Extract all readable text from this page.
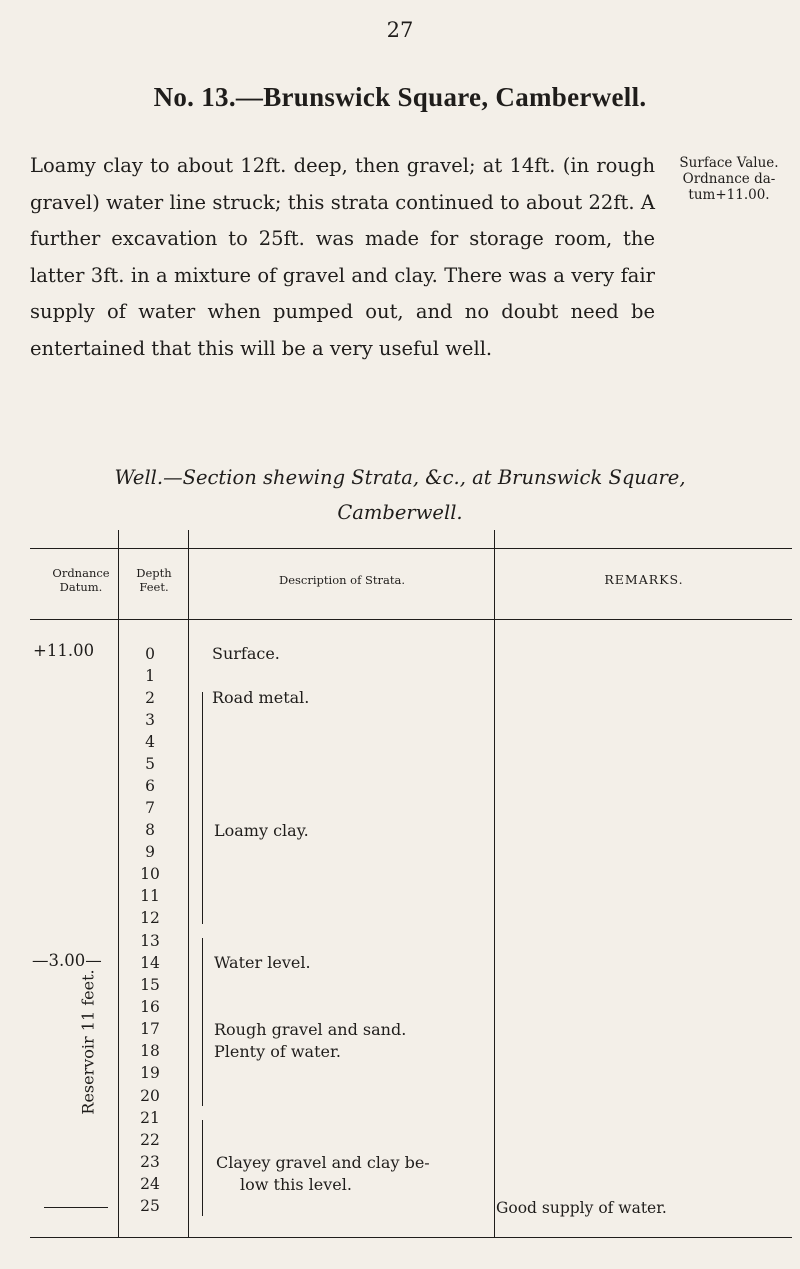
27
No. 13.—Brunswick Square, Camberwell.
Loamy clay to about 12ft. deep, then gravel; at 14ft. (in rough gravel) water line struck; this strata continued to about 22ft. A further excavation to 25ft. was made for storage room, the latter 3ft. in a mixture of gravel and clay. There was a very fair supply of water when pumped out, and no doubt need be entertained that this will be a very useful well.
Surface Value.
Ordnance da-
tum+11.00.
Well.—Section shewing Strata, &c., at Brunswick Square,
Camberwell.
Ordnance Datum.
Depth Feet.	Description of Strata.	REMARKS.
+11.00
—3.00—
0
1
2
3
4
5
6
7
8
9
10
11
12
13
14
15
16
17
18
19
20
21
22
23
24
25
Surface.
Road metal.
Loamy clay.
Water level.
Rough gravel and sand.
Plenty of water.
Clayey gravel and clay be-
low this level.
Reservoir 11 feet.
Good supply of water.
